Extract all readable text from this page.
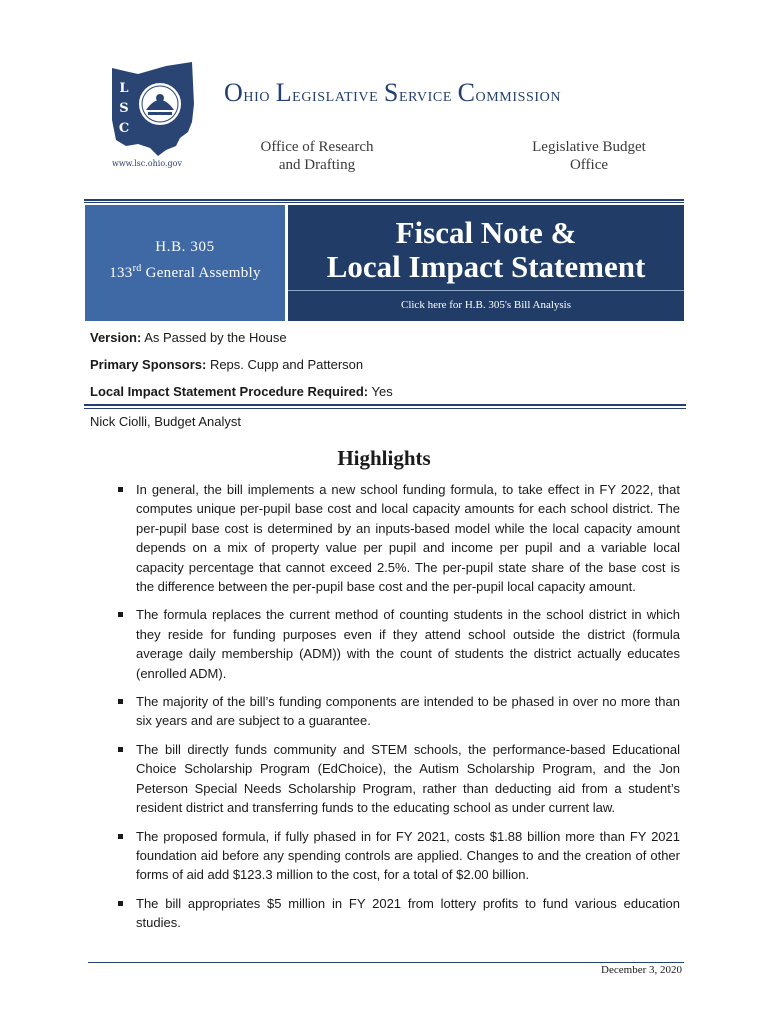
L
S
C
www.lsc.ohio.gov
Ohio Legislative Service Commission
Office of Research
and Drafting
Legislative Budget
Office
H.B. 305
133rd General Assembly
Fiscal Note &
Local Impact Statement
Click here for H.B. 305's Bill Analysis
Version: As Passed by the House
Primary Sponsors: Reps. Cupp and Patterson
Local Impact Statement Procedure Required: Yes
Nick Ciolli, Budget Analyst
Highlights
In general, the bill implements a new school funding formula, to take effect in FY 2022, that computes unique per-pupil base cost and local capacity amounts for each school district. The per-pupil base cost is determined by an inputs-based model while the local capacity amount depends on a mix of property value per pupil and income per pupil and a variable local capacity percentage that cannot exceed 2.5%. The per-pupil state share of the base cost is the difference between the per-pupil base cost and the per-pupil local capacity amount.
The formula replaces the current method of counting students in the school district in which they reside for funding purposes even if they attend school outside the district (formula average daily membership (ADM)) with the count of students the district actually educates (enrolled ADM).
The majority of the bill’s funding components are intended to be phased in over no more than six years and are subject to a guarantee.
The bill directly funds community and STEM schools, the performance-based Educational Choice Scholarship Program (EdChoice), the Autism Scholarship Program, and the Jon Peterson Special Needs Scholarship Program, rather than deducting aid from a student’s resident district and transferring funds to the educating school as under current law.
The proposed formula, if fully phased in for FY 2021, costs $1.88 billion more than FY 2021 foundation aid before any spending controls are applied. Changes to and the creation of other forms of aid add $123.3 million to the cost, for a total of $2.00 billion.
The bill appropriates $5 million in FY 2021 from lottery profits to fund various education studies.
December 3, 2020
